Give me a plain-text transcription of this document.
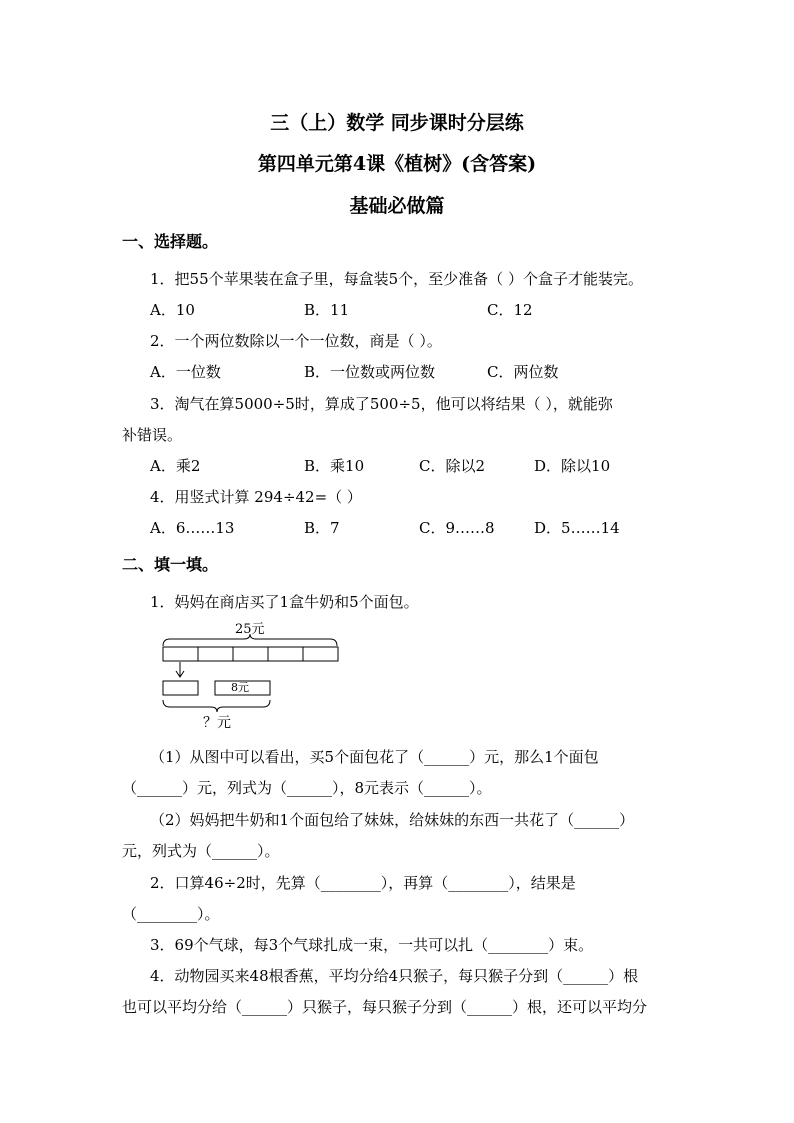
三（上）数学 同步课时分层练
第四单元第4课《植树》(含答案)
基础必做篇
一、选择题。
1．把55个苹果装在盒子里，每盒装5个，至少准备（ ）个盒子才能装完。
A．10	B．11	C．12
2．一个两位数除以一个一位数，商是（ ）。
A．一位数	B．一位数或两位数	C．两位数
3．淘气在算5000÷5时，算成了500÷5，他可以将结果（ ），就能弥
补错误。
A．乘2	B．乘10	C．除以2	D．除以10
4．用竖式计算 294÷42=（ ）
A．6……13	B．7	C．9……8	D．5……14
二、填一填。
1．妈妈在商店买了1盒牛奶和5个面包。
25元
8元
？元
（1）从图中可以看出，买5个面包花了（______）元，那么1个面包
（______）元，列式为（______），8元表示（______）。
（2）妈妈把牛奶和1个面包给了妹妹，给妹妹的东西一共花了（______）
元，列式为（______）。
2．口算46÷2时，先算（________），再算（________），结果是
（________）。
3．69个气球，每3个气球扎成一束，一共可以扎（________）束。
4．动物园买来48根香蕉，平均分给4只猴子，每只猴子分到（______）根
也可以平均分给（______）只猴子，每只猴子分到（______）根，还可以平均分
